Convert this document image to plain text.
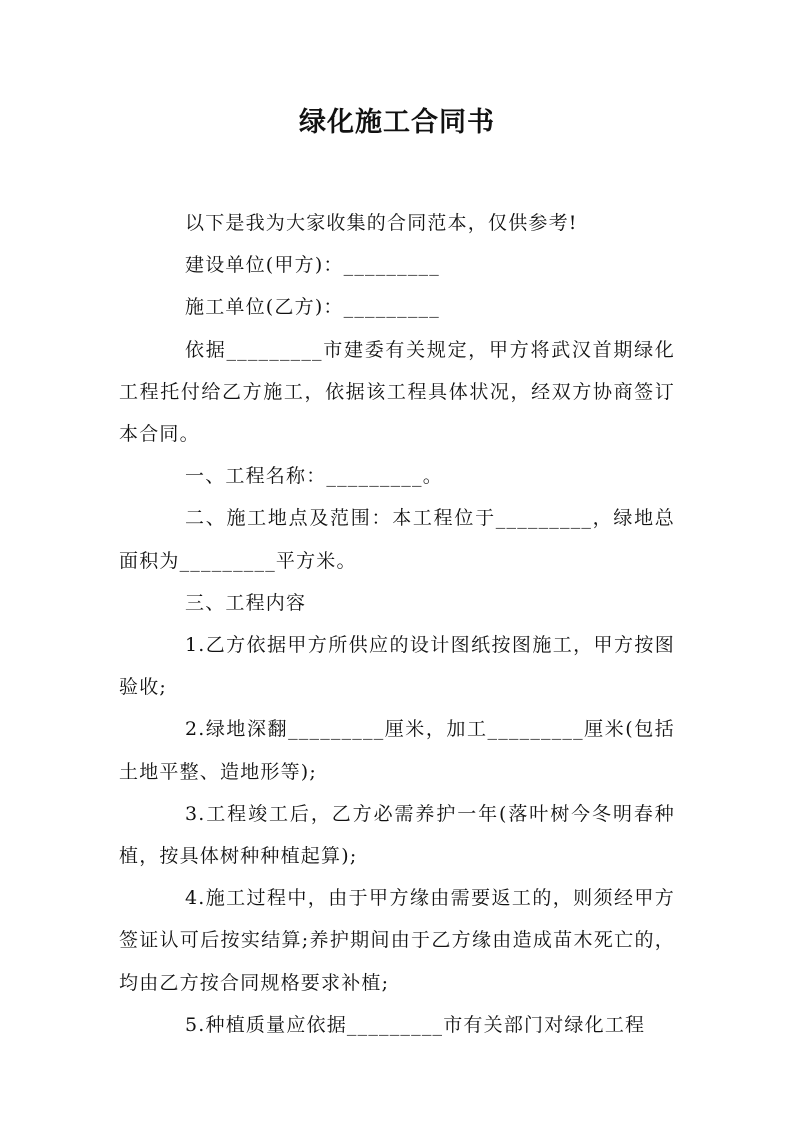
绿化施工合同书

以下是我为大家收集的合同范本，仅供参考!

建设单位(甲方)：_________

施工单位(乙方)：_________

依据_________市建委有关规定，甲方将武汉首期绿化工程托付给乙方施工，依据该工程具体状况，经双方协商签订本合同。

一、工程名称：_________。

二、施工地点及范围：本工程位于_________，绿地总面积为_________平方米。

三、工程内容

1.乙方依据甲方所供应的设计图纸按图施工，甲方按图验收;

2.绿地深翻_________厘米，加工_________厘米(包括土地平整、造地形等);

3.工程竣工后，乙方必需养护一年(落叶树今冬明春种植，按具体树种种植起算);

4.施工过程中，由于甲方缘由需要返工的，则须经甲方签证认可后按实结算;养护期间由于乙方缘由造成苗木死亡的，均由乙方按合同规格要求补植;

5.种植质量应依据_________市有关部门对绿化工程
